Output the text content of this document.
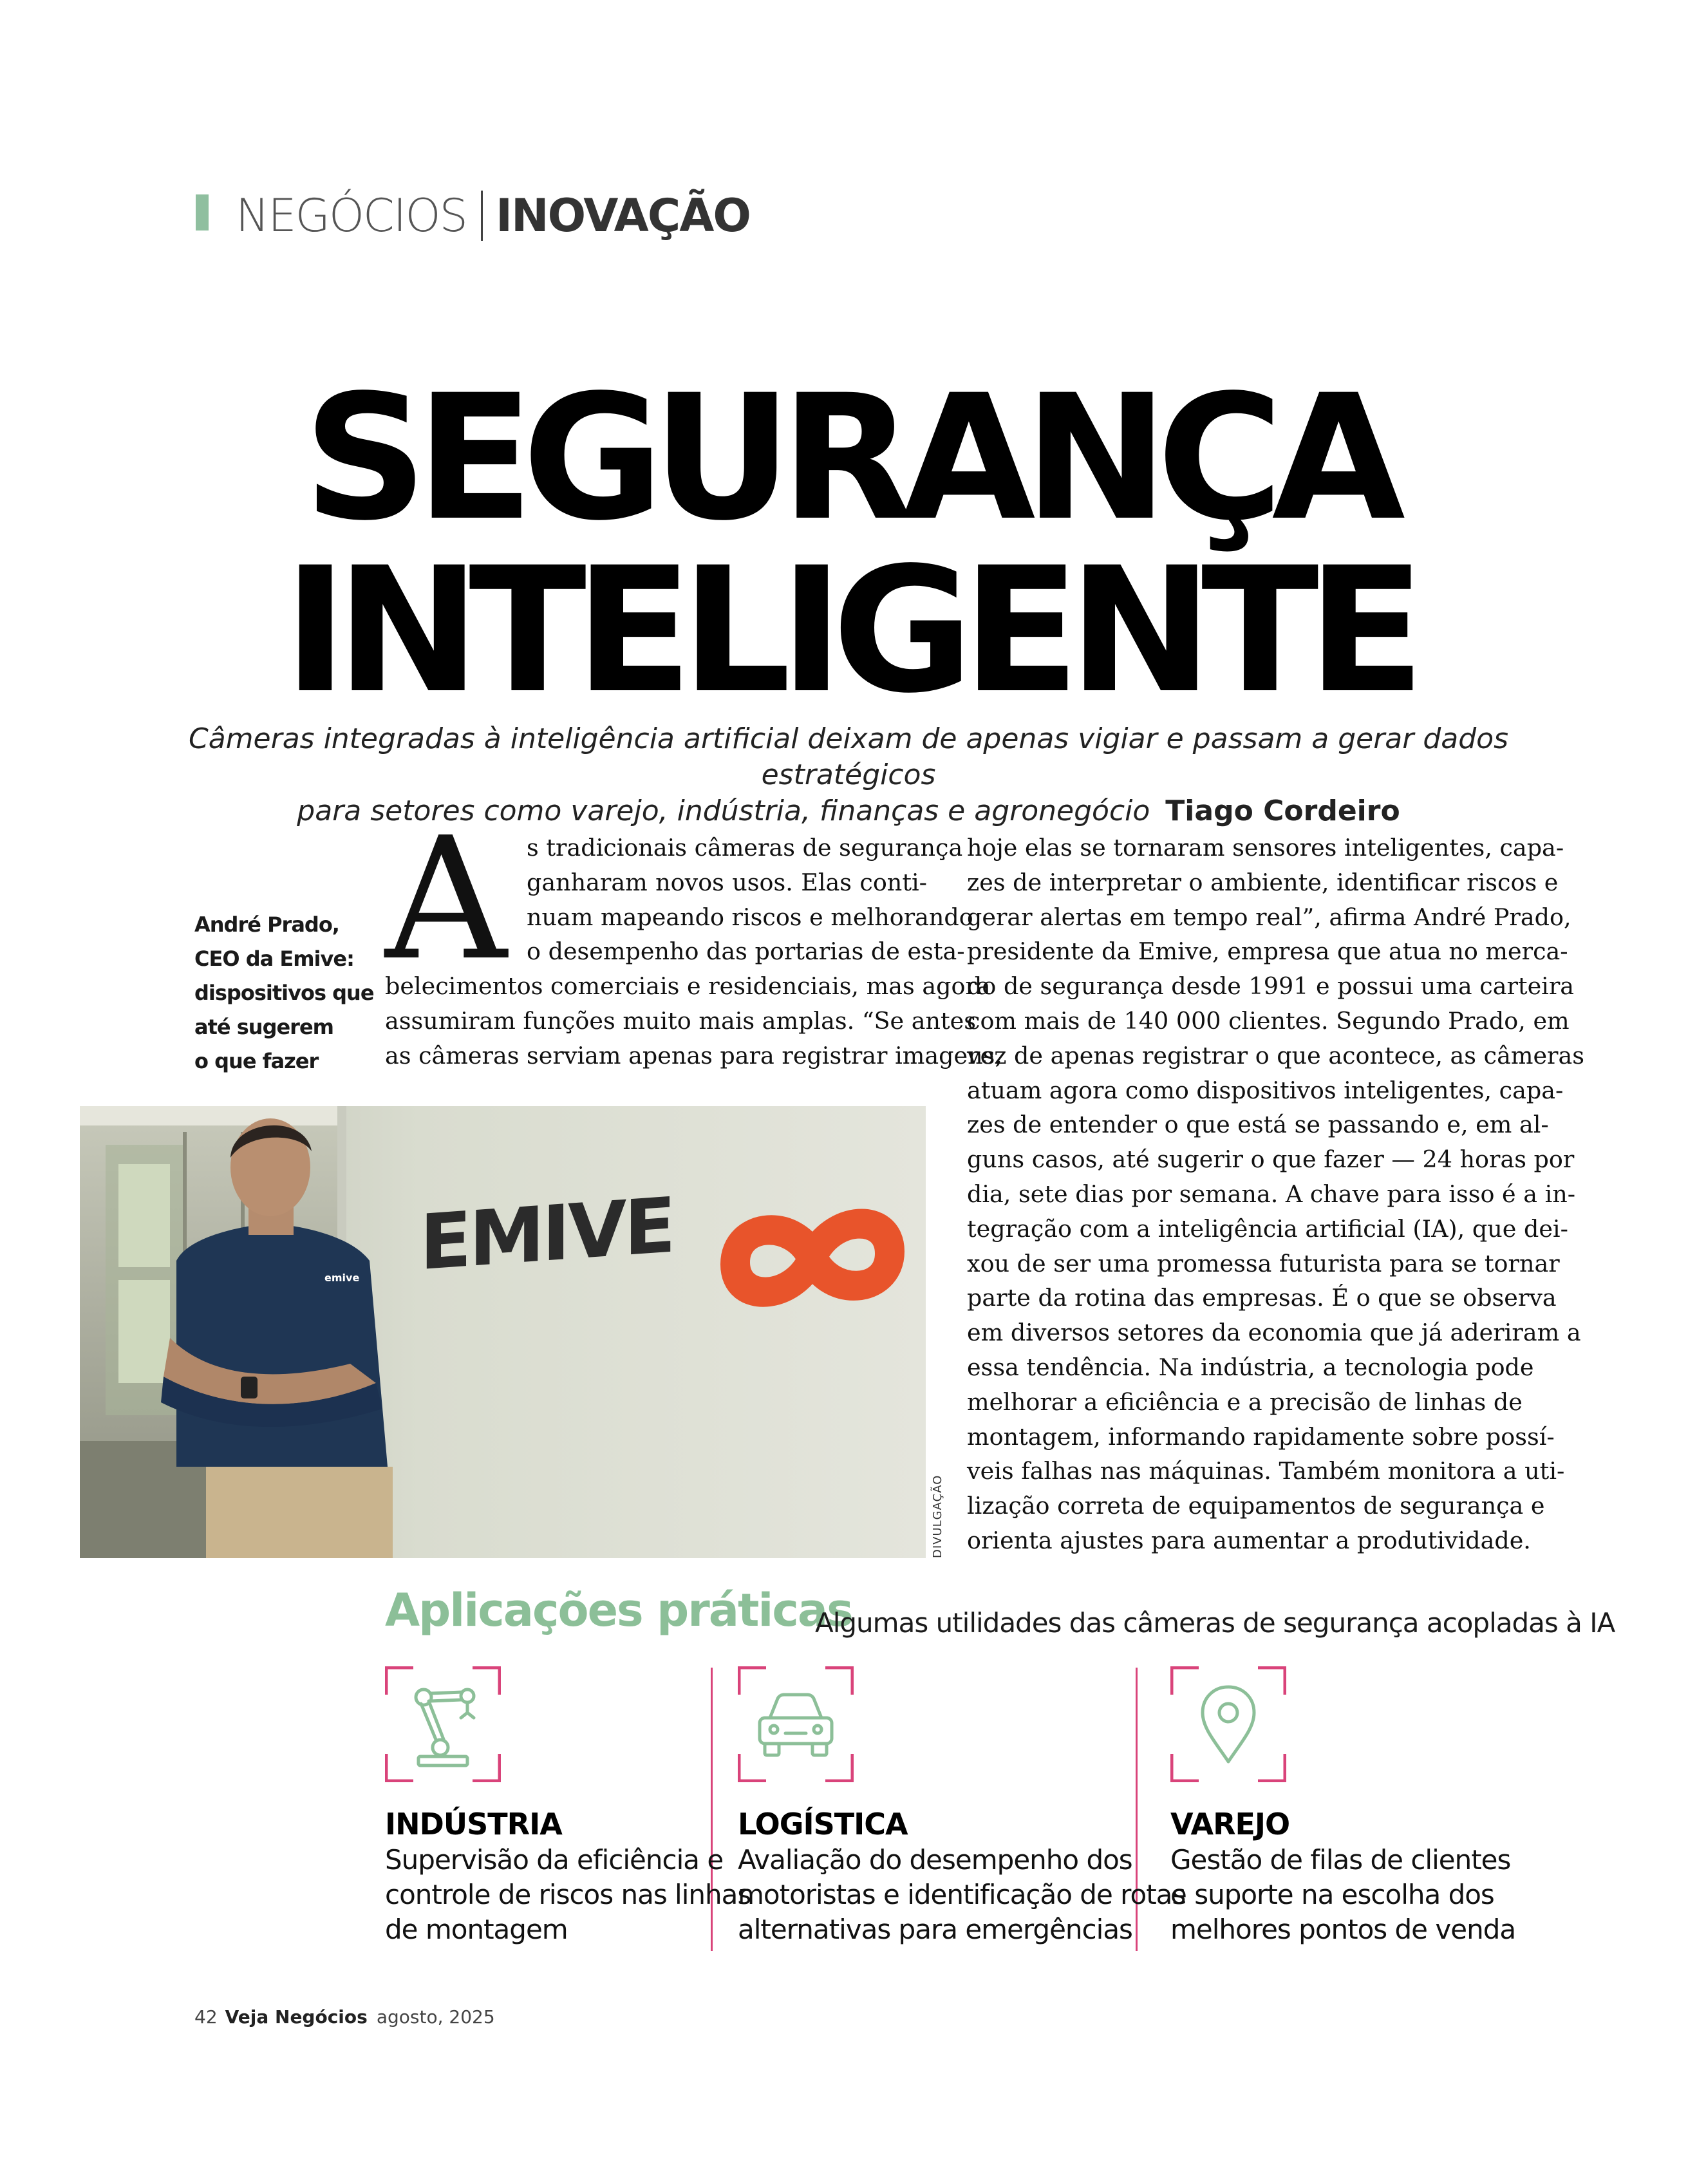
NEGÓCIOS INOVAÇÃO
SEGURANÇA
INTELIGENTE
Câmeras integradas à inteligência artificial deixam de apenas vigiar e passam a gerar dados estratégicos
para setores como varejo, indústria, finanças e agronegócio Tiago Cordeiro
André Prado,
CEO da Emive:
dispositivos que
até sugerem
o que fazer
A s tradicionais câmeras de segurança
ganharam novos usos. Elas conti-
nuam mapeando riscos e melhorando
o desempenho das portarias de esta-
belecimentos comerciais e residenciais, mas agora
assumiram funções muito mais amplas. “Se antes
as câmeras serviam apenas para registrar imagens,
hoje elas se tornaram sensores inteligentes, capa-
zes de interpretar o ambiente, identificar riscos e
gerar alertas em tempo real”, afirma André Prado,
presidente da Emive, empresa que atua no merca-
do de segurança desde 1991 e possui uma carteira
com mais de 140 000 clientes. Segundo Prado, em
vez de apenas registrar o que acontece, as câmeras
atuam agora como dispositivos inteligentes, capa-
zes de entender o que está se passando e, em al-
guns casos, até sugerir o que fazer — 24 horas por
dia, sete dias por semana. A chave para isso é a in-
tegração com a inteligência artificial (IA), que dei-
xou de ser uma promessa futurista para se tornar
parte da rotina das empresas. É o que se observa
em diversos setores da economia que já aderiram a
essa tendência. Na indústria, a tecnologia pode
melhorar a eficiência e a precisão de linhas de
montagem, informando rapidamente sobre possí-
veis falhas nas máquinas. Também monitora a uti-
lização correta de equipamentos de segurança e
orienta ajustes para aumentar a produtividade.
EMIVE
emive
DIVULGAÇÃO
Aplicações práticas
Algumas utilidades das câmeras de segurança acopladas à IA
INDÚSTRIA
Supervisão da eficiência e
controle de riscos nas linhas
de montagem
LOGÍSTICA
Avaliação do desempenho dos
motoristas e identificação de rotas
alternativas para emergências
VAREJO
Gestão de filas de clientes
e suporte na escolha dos
melhores pontos de venda
42 Veja Negócios agosto, 2025
